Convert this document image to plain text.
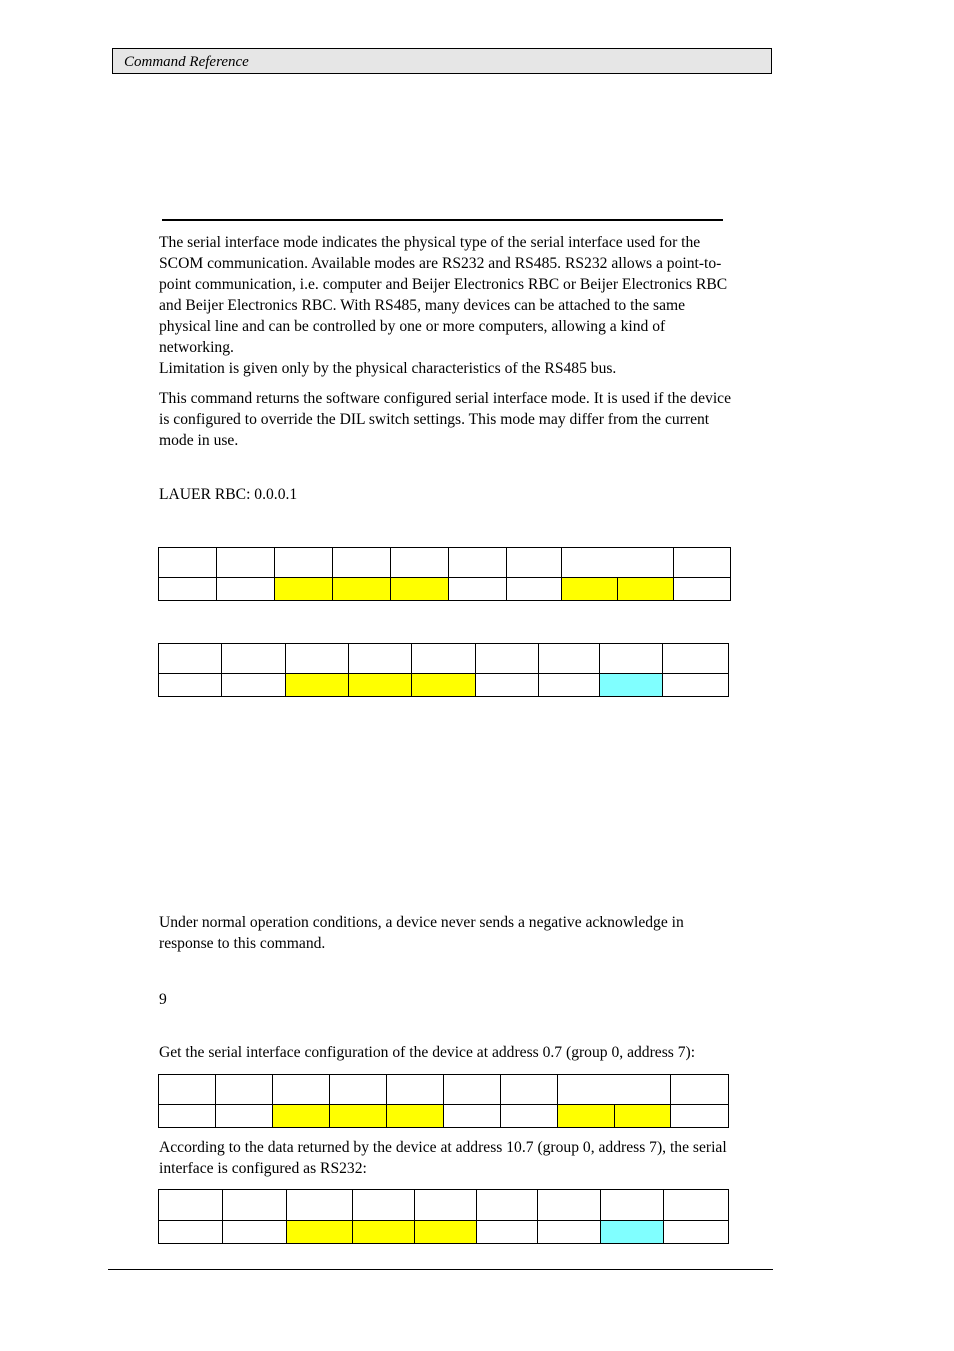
Command Reference

The serial interface mode indicates the physical type of the serial interface used for the SCOM communication. Available modes are RS232 and RS485. RS232 allows a point-to-point communication, i.e. computer and Beijer Electronics RBC or Beijer Electronics RBC and Beijer Electronics RBC. With RS485, many devices can be attached to the same physical line and can be controlled by one or more computers, allowing a kind of networking.

Limitation is given only by the physical characteristics of the RS485 bus.

This command returns the software configured serial interface mode. It is used if the device is configured to override the DIL switch settings. This mode may differ from the current mode in use.

LAUER RBC: 0.0.0.1

Under normal operation conditions, a device never sends a negative acknowledge in response to this command.

9

Get the serial interface configuration of the device at address 0.7 (group 0, address 7):

According to the data returned by the device at address 10.7 (group 0, address 7), the serial interface is configured as RS232:
